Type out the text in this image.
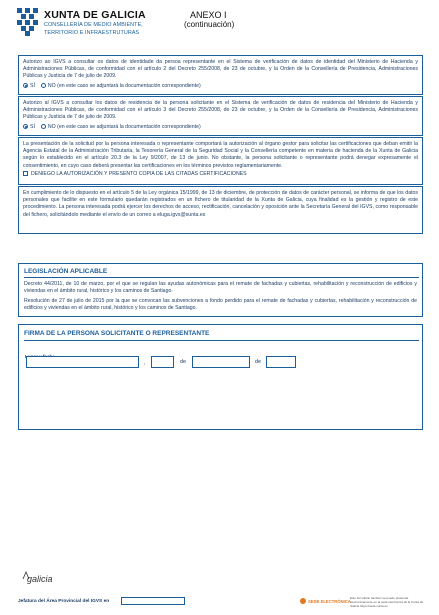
XUNTA DE GALICIA
CONSELLERÍA DE MEDIO AMBIENTE,
TERRITORIO E INFRAESTRUTURAS
ANEXO I
(continuación)
Autorizo ao IGVS a consultar os datos de identidade da persoa representante en el Sistema de verificación de datos de identidad del Ministerio de Hacienda y Administraciones Públicas, de conformidad con el artículo 2 del Decreto 255/2008, de 23 de octubre, y la Orden de la Consellería de Presidencia, Administraciones Públicas y Justicia de 7 de julio de 2009.
SÍ	NO (en este caso se adjuntará la documentación correspondiente)
Autorizo al IGVS a consultar los datos de residencia de la persona solicitante en el Sistema de verificación de datos de residencia del Ministerio de Hacienda y Administraciones Públicas, de conformidad con el artículo 3 del Decreto 255/2008, de 23 de octubre, y la Orden de la Consellería de Presidencia, Administraciones Públicas y Justicia de 7 de julio de 2009.
SÍ	NO (en este caso se adjuntará la documentación correspondiente)
La presentación de la solicitud por la persona interesada o representante comportará la autorización al órgano gestor para solicitar las certificaciones que deban emitir la Agencia Estatal de la Administración Tributaria, la Tesorería General de la Seguridad Social y la Consellería competente en materia de hacienda de la Xunta de Galicia según lo establecido en el artículo 20.3 de la Ley 9/2007, de 13 de junio. No obstante, la persona solicitante o representante podrá denegar expresamente el consentimiento, en cuyo caso deberá presentar las certificaciones en los términos previstos reglamentariamente.
DENIEGO LA AUTORIZACIÓN Y PRESENTO COPIA DE LAS CITADAS CERTIFICACIONES
En cumplimiento de lo dispuesto en el artículo 5 de la Ley orgánica 15/1999, de 13 de diciembre, de protección de datos de carácter personal, se informa de que los datos personales que facilite en este formulario quedarán registrados en un fichero de titularidad de la Xunta de Galicia, cuya finalidad es la gestión y registro de este procedimiento. La persona interesada podrá ejercer los derechos de acceso, rectificación, cancelación y oposición ante la Secretaría General del IGVS, como responsable del fichero, solicitándolo mediante el envío de un correo a eluga.igvs@xunta.es
LEGISLACIÓN APLICABLE
Decreto 44/2011, de 10 de marzo, por el que se regulan las ayudas autonómicas para el remate de fachadas y cubiertas, rehabilitación y reconstrucción de edificios y viviendas en el ámbito rural, histórico y los caminos de Santiago.
Resolución de 27 de julio de 2015 por la que se convocan las subvenciones a fondo perdido para el remate de fachadas y cubiertas, rehabilitación y reconstrucción de edificios y viviendas en el ámbito rural, histórico y los caminos de Santiago.
FIRMA DE LA PERSONA SOLICITANTE O REPRESENTANTE
,	de	de
galicia
Jefatura del Área Provincial del IGVS en	SEDE ELECTRÓNICA
Este formulario también se puede presentar electrónicamente en la sede electrónica de la Xunta de Galicia https://sede.xunta.es
